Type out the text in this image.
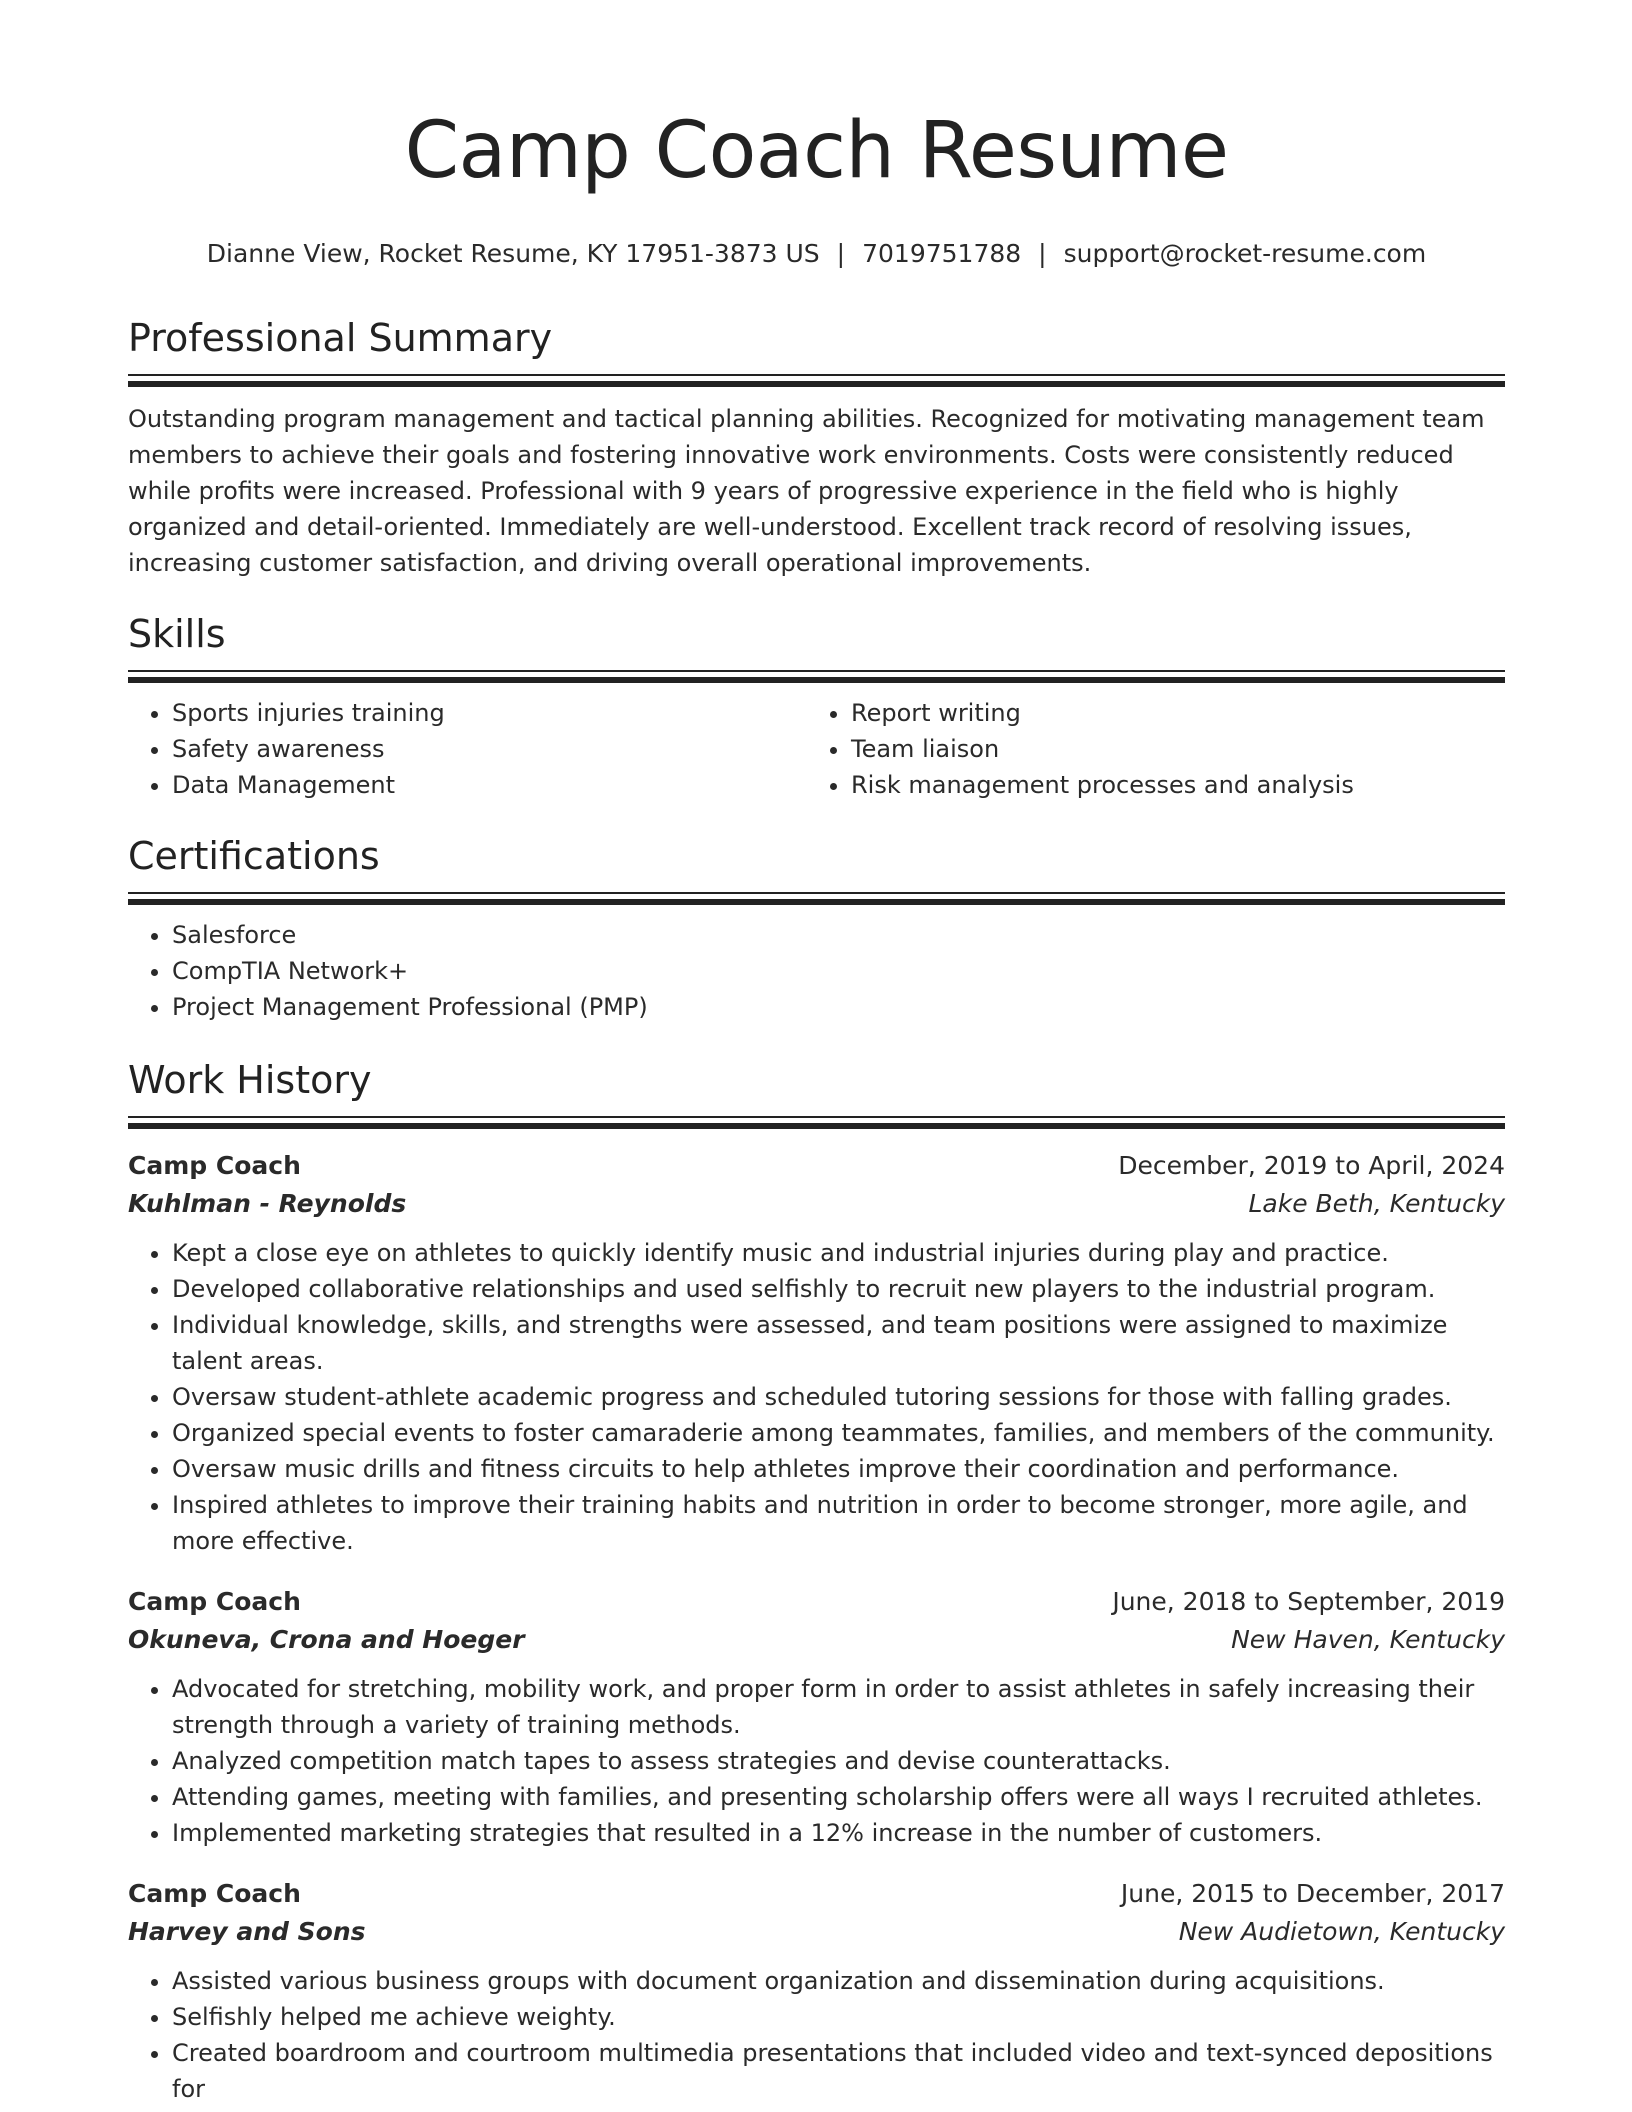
Camp Coach Resume
Dianne View, Rocket Resume, KY 17951-3873 US | 7019751788 | support@rocket-resume.com
Professional Summary

Outstanding program management and tactical planning abilities. Recognized for motivating management team members to achieve their goals and fostering innovative work environments. Costs were consistently reduced while profits were increased. Professional with 9 years of progressive experience in the field who is highly organized and detail-oriented. Immediately are well-understood. Excellent track record of resolving issues, increasing customer satisfaction, and driving overall operational improvements.

Skills
• Sports injuries training
• Safety awareness
• Data Management
• Report writing
• Team liaison
• Risk management processes and analysis
Certifications
• Salesforce
• CompTIA Network+
• Project Management Professional (PMP)
Work History
Camp Coach	December, 2019 to April, 2024
Kuhlman - Reynolds	Lake Beth, Kentucky
• Kept a close eye on athletes to quickly identify music and industrial injuries during play and practice.
• Developed collaborative relationships and used selfishly to recruit new players to the industrial program.
• Individual knowledge, skills, and strengths were assessed, and team positions were assigned to maximize talent areas.
• Oversaw student-athlete academic progress and scheduled tutoring sessions for those with falling grades.
• Organized special events to foster camaraderie among teammates, families, and members of the community.
• Oversaw music drills and fitness circuits to help athletes improve their coordination and performance.
• Inspired athletes to improve their training habits and nutrition in order to become stronger, more agile, and more effective.
Camp Coach	June, 2018 to September, 2019
Okuneva, Crona and Hoeger	New Haven, Kentucky
• Advocated for stretching, mobility work, and proper form in order to assist athletes in safely increasing their strength through a variety of training methods.
• Analyzed competition match tapes to assess strategies and devise counterattacks.
• Attending games, meeting with families, and presenting scholarship offers were all ways I recruited athletes.
• Implemented marketing strategies that resulted in a 12% increase in the number of customers.
Camp Coach	June, 2015 to December, 2017
Harvey and Sons	New Audietown, Kentucky
• Assisted various business groups with document organization and dissemination during acquisitions.
• Selfishly helped me achieve weighty.
• Created boardroom and courtroom multimedia presentations that included video and text-synced depositions for
